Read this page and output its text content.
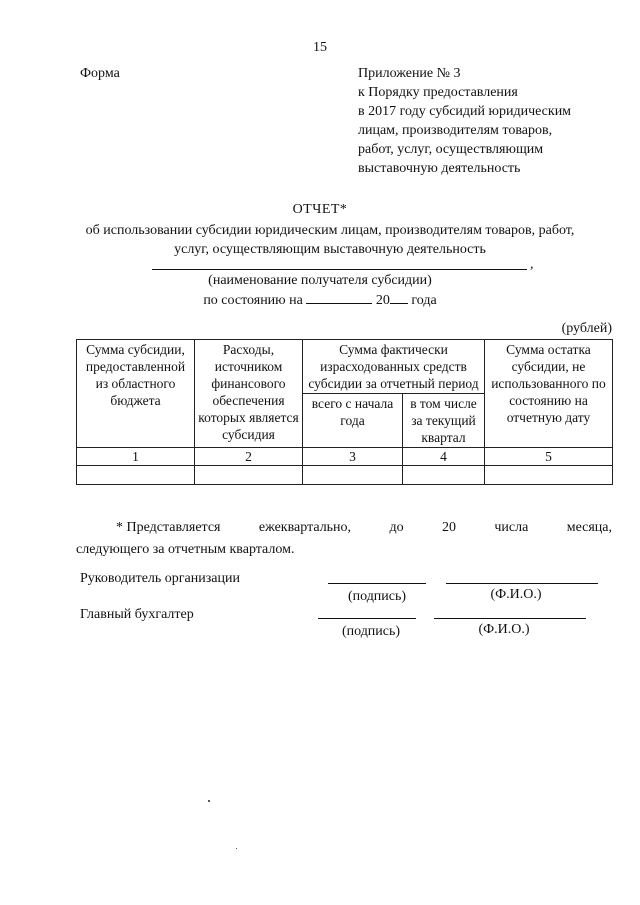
15
Форма	Приложение № 3
к Порядку предоставления
в 2017 году субсидий юридическим
лицам, производителям товаров,
работ, услуг, осуществляющим
выставочную деятельность
ОТЧЕТ*
об использовании субсидии юридическим лицам, производителям товаров, работ,
услуг, осуществляющим выставочную деятельность
,
(наименование получателя субсидии)
по состоянию на	20 года
(рублей)
Сумма субсидии, предоставленной из областного бюджета	Расходы, источником финансового обеспечения которых является субсидия	Сумма фактически израсходованных средств субсидии за отчетный период		Сумма остатка субсидии, не использованного по состоянию на отчетную дату
		всего с начала года	в том числе за текущий квартал	
1	2	3	4	5

* Представляется	ежеквартально,	до	20	числа	месяца,
следующего за отчетным кварталом.
Руководитель организации
(подпись)	(Ф.И.О.)
Главный бухгалтер
(подпись)	(Ф.И.О.)
